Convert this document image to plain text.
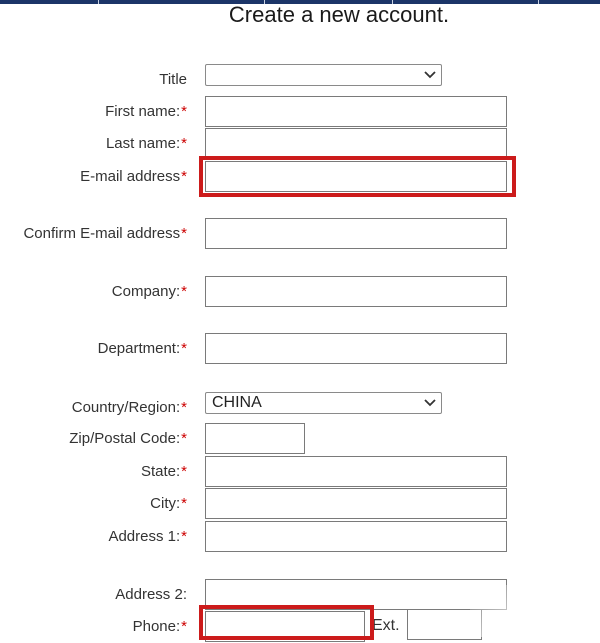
Create a new account.
Title
First name:*
Last name:*
E-mail address*
Confirm E-mail address*
Company:*
Department:*
Country/Region:* CHINA
Zip/Postal Code:*
State:*
City:*
Address 1:*
Address 2:
Phone:*	Ext.
